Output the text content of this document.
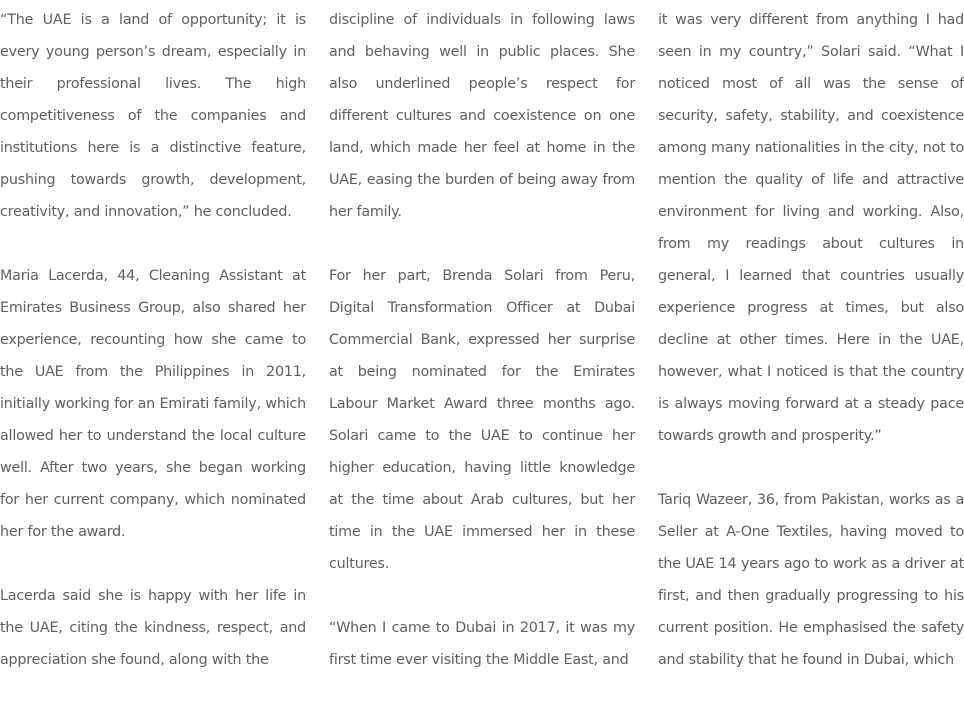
“The UAE is a land of opportunity; it is every young person’s dream, especially in their professional lives. The high competitiveness of the companies and institutions here is a distinctive feature, pushing towards growth, development, creativity, and innovation,” he concluded.

Maria Lacerda, 44, Cleaning Assistant at Emirates Business Group, also shared her experience, recounting how she came to the UAE from the Philippines in 2011, initially working for an Emirati family, which allowed her to understand the local culture well. After two years, she began working for her current company, which nominated her for the award.

Lacerda said she is happy with her life in the UAE, citing the kindness, respect, and appreciation she found, along with the

discipline of individuals in following laws and behaving well in public places. She also underlined people’s respect for different cultures and coexistence on one land, which made her feel at home in the UAE, easing the burden of being away from her family.

For her part, Brenda Solari from Peru, Digital Transformation Officer at Dubai Commercial Bank, expressed her surprise at being nominated for the Emirates Labour Market Award three months ago. Solari came to the UAE to continue her higher education, having little knowledge at the time about Arab cultures, but her time in the UAE immersed her in these cultures.

“When I came to Dubai in 2017, it was my first time ever visiting the Middle East, and

it was very different from anything I had seen in my country,” Solari said. “What I noticed most of all was the sense of security, safety, stability, and coexistence among many nationalities in the city, not to mention the quality of life and attractive environment for living and working. Also, from my readings about cultures in general, I learned that countries usually experience progress at times, but also decline at other times. Here in the UAE, however, what I noticed is that the country is always moving forward at a steady pace towards growth and prosperity.”

Tariq Wazeer, 36, from Pakistan, works as a Seller at A-One Textiles, having moved to the UAE 14 years ago to work as a driver at first, and then gradually progressing to his current position. He emphasised the safety and stability that he found in Dubai, which
